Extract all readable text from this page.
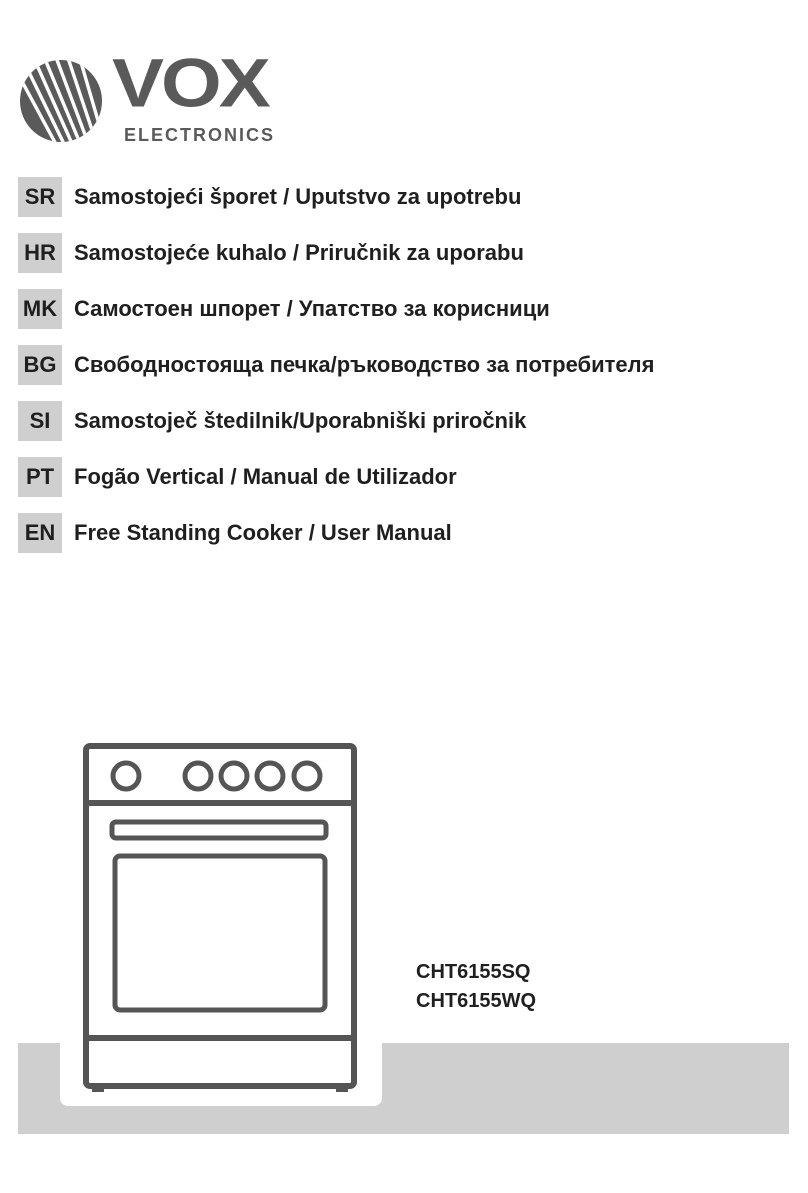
VOX

ELECTRONICS

SR Samostojeći šporet / Uputstvo za upotrebu
HR Samostojeće kuhalo / Priručnik za uporabu
MK Самостоен шпорет / Упатство за корисници
BG Свободностояща печка/ръководство за потребителя
SI	Samostoječ štedilnik/Uporabniški priročnik
PT Fogão Vertical / Manual de Utilizador
EN Free Standing Cooker / User Manual
CHT6155SQ
CHT6155WQ
